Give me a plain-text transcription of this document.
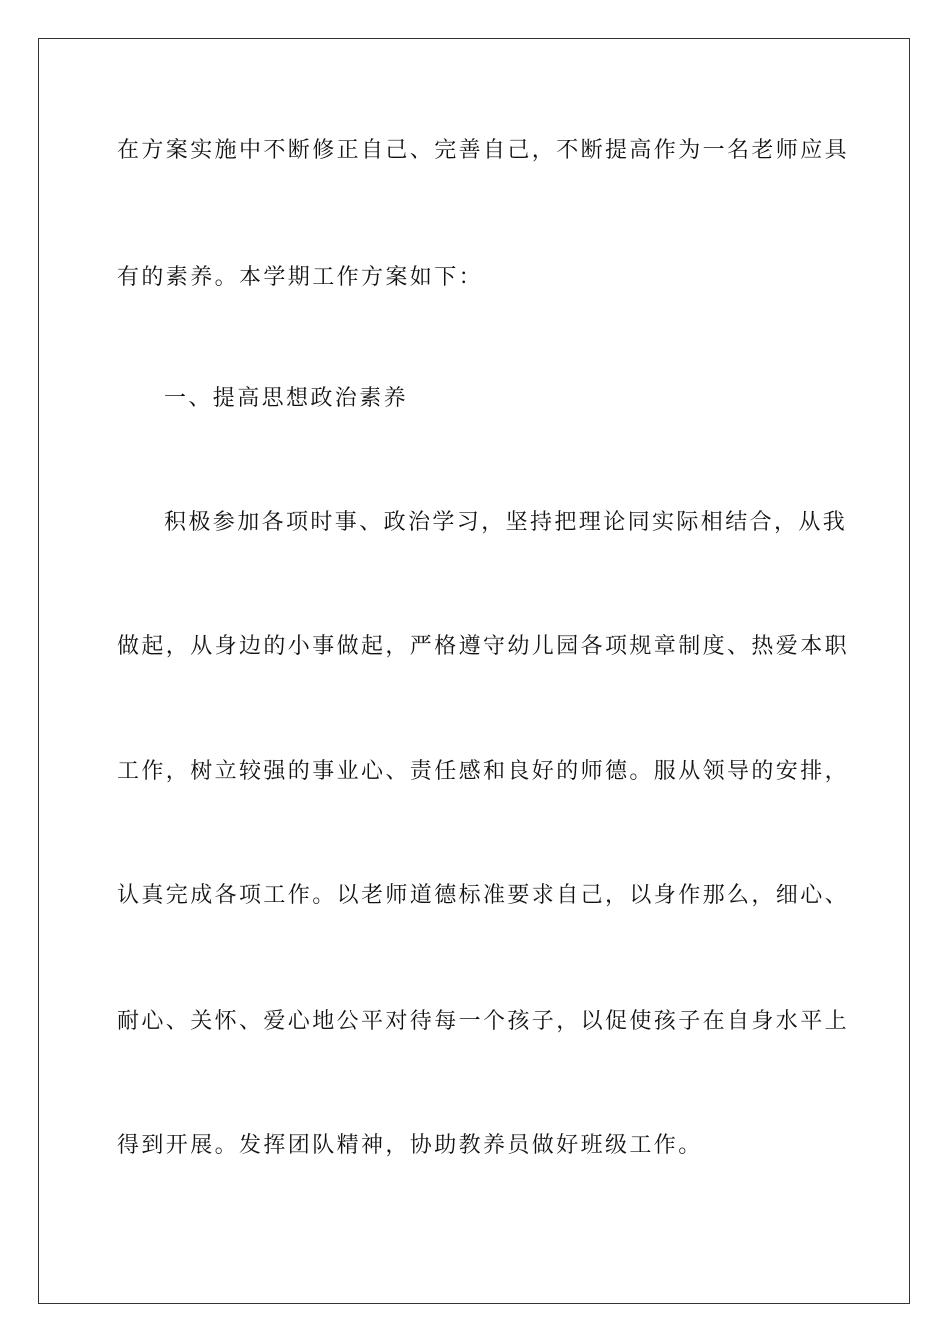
在方案实施中不断修正自己、完善自己，不断提高作为一名老师应具
有的素养。本学期工作方案如下：
一、提高思想政治素养
积极参加各项时事、政治学习，坚持把理论同实际相结合，从我
做起，从身边的小事做起，严格遵守幼儿园各项规章制度、热爱本职
工作，树立较强的事业心、责任感和良好的师德。服从领导的安排，
认真完成各项工作。以老师道德标准要求自己，以身作那么，细心、
耐心、关怀、爱心地公平对待每一个孩子，以促使孩子在自身水平上
得到开展。发挥团队精神，协助教养员做好班级工作。
